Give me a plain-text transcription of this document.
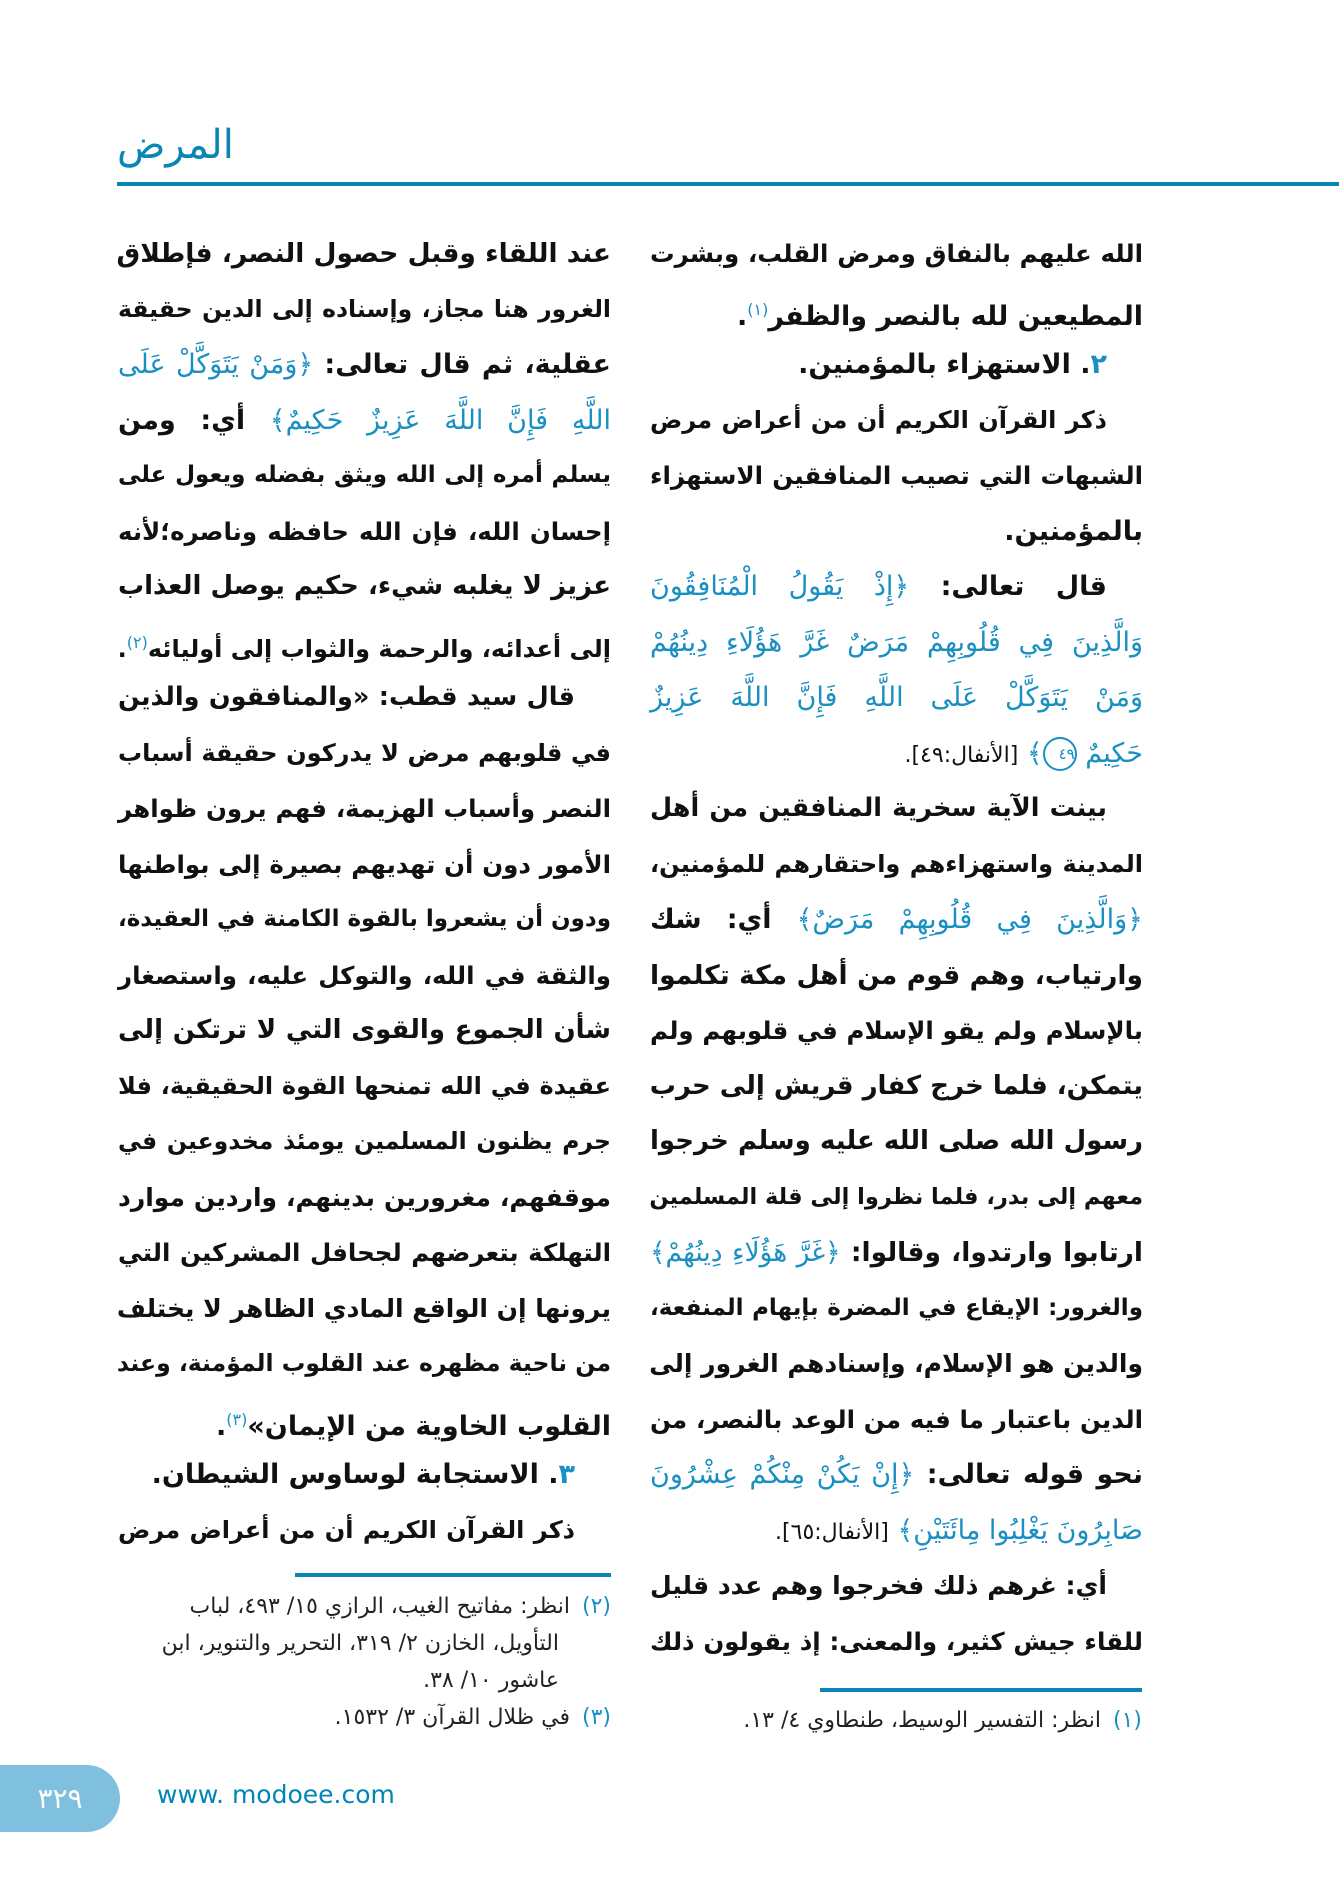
المرض
الله عليهم بالنفاق ومرض القلب، وبشرت
المطيعين لله بالنصر والظفر$^{(١)}$.
٢. الاستهزاء بالمؤمنين.
ذكر القرآن الكريم أن من أعراض مرض
الشبهات التي تصيب المنافقين الاستهزاء
بالمؤمنين.
قال تعالى: ﴿إِذْ يَقُولُ الْمُنَافِقُونَ
وَالَّذِينَ فِي قُلُوبِهِمْ مَرَضٌ غَرَّ هَؤُلَاءِ دِينُهُمْ
وَمَنْ يَتَوَكَّلْ عَلَى اللَّهِ فَإِنَّ اللَّهَ عَزِيزٌ
حَكِيمٌ ٤٩﴾ [الأنفال:٤٩].
بينت الآية سخرية المنافقين من أهل
المدينة واستهزاءهم واحتقارهم للمؤمنين،
﴿وَالَّذِينَ فِي قُلُوبِهِمْ مَرَضٌ﴾ أي: شك
وارتياب، وهم قوم من أهل مكة تكلموا
بالإسلام ولم يقو الإسلام في قلوبهم ولم
يتمكن، فلما خرج كفار قريش إلى حرب
رسول الله صلى الله عليه وسلم خرجوا
معهم إلى بدر، فلما نظروا إلى قلة المسلمين
ارتابوا وارتدوا، وقالوا: ﴿غَرَّ هَؤُلَاءِ دِينُهُمْ﴾
والغرور: الإيقاع في المضرة بإيهام المنفعة،
والدين هو الإسلام، وإسنادهم الغرور إلى
الدين باعتبار ما فيه من الوعد بالنصر، من
نحو قوله تعالى: ﴿إِنْ يَكُنْ مِنْكُمْ عِشْرُونَ
صَابِرُونَ يَغْلِبُوا مِائَتَيْنِ﴾ [الأنفال:٦٥].
أي: غرهم ذلك فخرجوا وهم عدد قليل
للقاء جيش كثير، والمعنى: إذ يقولون ذلك
(١)انظر: التفسير الوسيط، طنطاوي ٤/ ١٣.
عند اللقاء وقبل حصول النصر، فإطلاق
الغرور هنا مجاز، وإسناده إلى الدين حقيقة
عقلية، ثم قال تعالى: ﴿وَمَنْ يَتَوَكَّلْ عَلَى
اللَّهِ فَإِنَّ اللَّهَ عَزِيزٌ حَكِيمٌ﴾ أي: ومن
يسلم أمره إلى الله ويثق بفضله ويعول على
إحسان الله، فإن الله حافظه وناصره؛لأنه
عزيز لا يغلبه شيء، حكيم يوصل العذاب
إلى أعدائه، والرحمة والثواب إلى أوليائه$^{(٢)}$.
قال سيد قطب: «والمنافقون والذين
في قلوبهم مرض لا يدركون حقيقة أسباب
النصر وأسباب الهزيمة، فهم يرون ظواهر
الأمور دون أن تهديهم بصيرة إلى بواطنها
ودون أن يشعروا بالقوة الكامنة في العقيدة،
والثقة في الله، والتوكل عليه، واستصغار
شأن الجموع والقوى التي لا ترتكن إلى
عقيدة في الله تمنحها القوة الحقيقية، فلا
جرم يظنون المسلمين يومئذ مخدوعين في
موقفهم، مغرورين بدينهم، واردين موارد
التهلكة بتعرضهم لجحافل المشركين التي
يرونها إن الواقع المادي الظاهر لا يختلف
من ناحية مظهره عند القلوب المؤمنة، وعند
القلوب الخاوية من الإيمان»$^{(٣)}$.
٣. الاستجابة لوساوس الشيطان.
ذكر القرآن الكريم أن من أعراض مرض
(٢)انظر: مفاتيح الغيب، الرازي ١٥/ ٤٩٣، لباب التأويل، الخازن ٢/ ٣١٩، التحرير والتنوير، ابن عاشور ١٠/ ٣٨.
(٣)في ظلال القرآن ٣/ ١٥٣٢.
٣٢٩	www. modoee.com
